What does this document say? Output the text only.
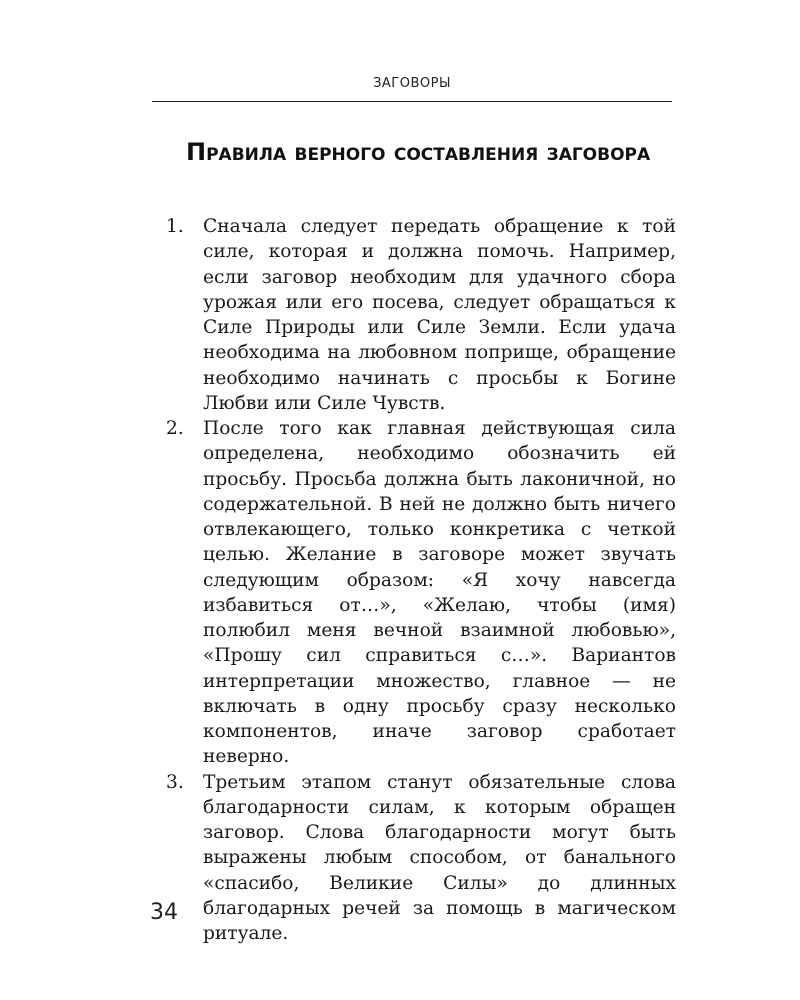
ЗАГОВОРЫ
Правила верного составления заговора
1.	Сначала следует передать обращение к той силе, которая и должна помочь. Например, если заговор необходим для удачного сбора урожая или его посева, следует обращаться к Силе Природы или Силе Земли. Если удача необходима на любовном поприще, обращение необходимо начинать с просьбы к Богине Любви или Силе Чувств.
2.	После того как главная действующая сила определена, необходимо обозначить ей просьбу. Просьба должна быть лаконичной, но содержательной. В ней не должно быть ничего отвлекающего, только конкретика с четкой целью. Желание в заговоре может звучать следующим образом: «Я хочу навсегда избавиться от…», «Желаю, чтобы (имя) полюбил меня вечной взаимной любовью», «Прошу сил справиться с…». Вариантов интерпретации множество, главное — не включать в одну просьбу сразу несколько компонентов, иначе заговор сработает неверно.
3.	Третьим этапом станут обязательные слова благодарности силам, к которым обращен заговор. Слова благодарности могут быть выражены любым способом, от банального «спасибо, Великие Силы» до длинных благодарных речей за помощь в магическом ритуале.
34
